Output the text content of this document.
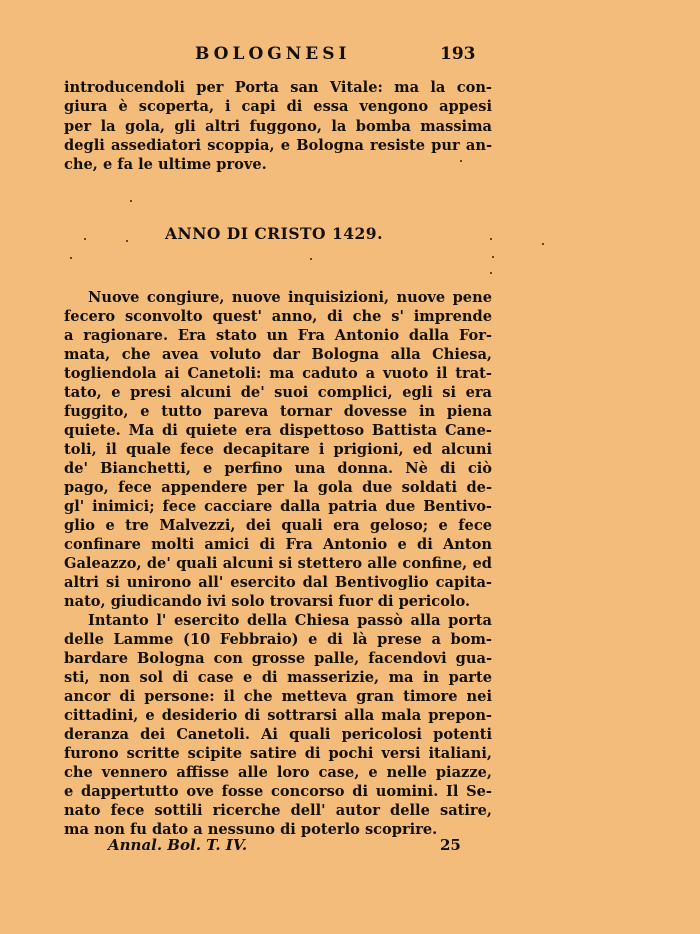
BOLOGNESI	193
introducendoli per Porta san Vitale: ma la con-
giura è scoperta, i capi di essa vengono appesi
per la gola, gli altri fuggono, la bomba massima
degli assediatori scoppia, e Bologna resiste pur an-
che, e fa le ultime prove.
ANNO DI CRISTO 1429.
Nuove congiure, nuove inquisizioni, nuove pene
fecero sconvolto quest' anno, di che s' imprende
a ragionare. Era stato un Fra Antonio dalla For-
mata, che avea voluto dar Bologna alla Chiesa,
togliendola ai Canetoli: ma caduto a vuoto il trat-
tato, e presi alcuni de' suoi complici, egli si era
fuggito, e tutto pareva tornar dovesse in piena
quiete. Ma di quiete era dispettoso Battista Cane-
toli, il quale fece decapitare i prigioni, ed alcuni
de' Bianchetti, e perfino una donna. Nè di ciò
pago, fece appendere per la gola due soldati de-
gl' inimici; fece cacciare dalla patria due Bentivo-
glio e tre Malvezzi, dei quali era geloso; e fece
confinare molti amici di Fra Antonio e di Anton
Galeazzo, de' quali alcuni si stettero alle confine, ed
altri si unirono all' esercito dal Bentivoglio capita-
nato, giudicando ivi solo trovarsi fuor di pericolo.
Intanto l' esercito della Chiesa passò alla porta
delle Lamme (10 Febbraio) e di là prese a bom-
bardare Bologna con grosse palle, facendovi gua-
sti, non sol di case e di masserizie, ma in parte
ancor di persone: il che metteva gran timore nei
cittadini, e desiderio di sottrarsi alla mala prepon-
deranza dei Canetoli. Ai quali pericolosi potenti
furono scritte scipite satire di pochi versi italiani,
che vennero affisse alle loro case, e nelle piazze,
e dappertutto ove fosse concorso di uomini. Il Se-
nato fece sottili ricerche dell' autor delle satire,
ma non fu dato a nessuno di poterlo scoprire.
Annal. Bol. T. IV.	25
